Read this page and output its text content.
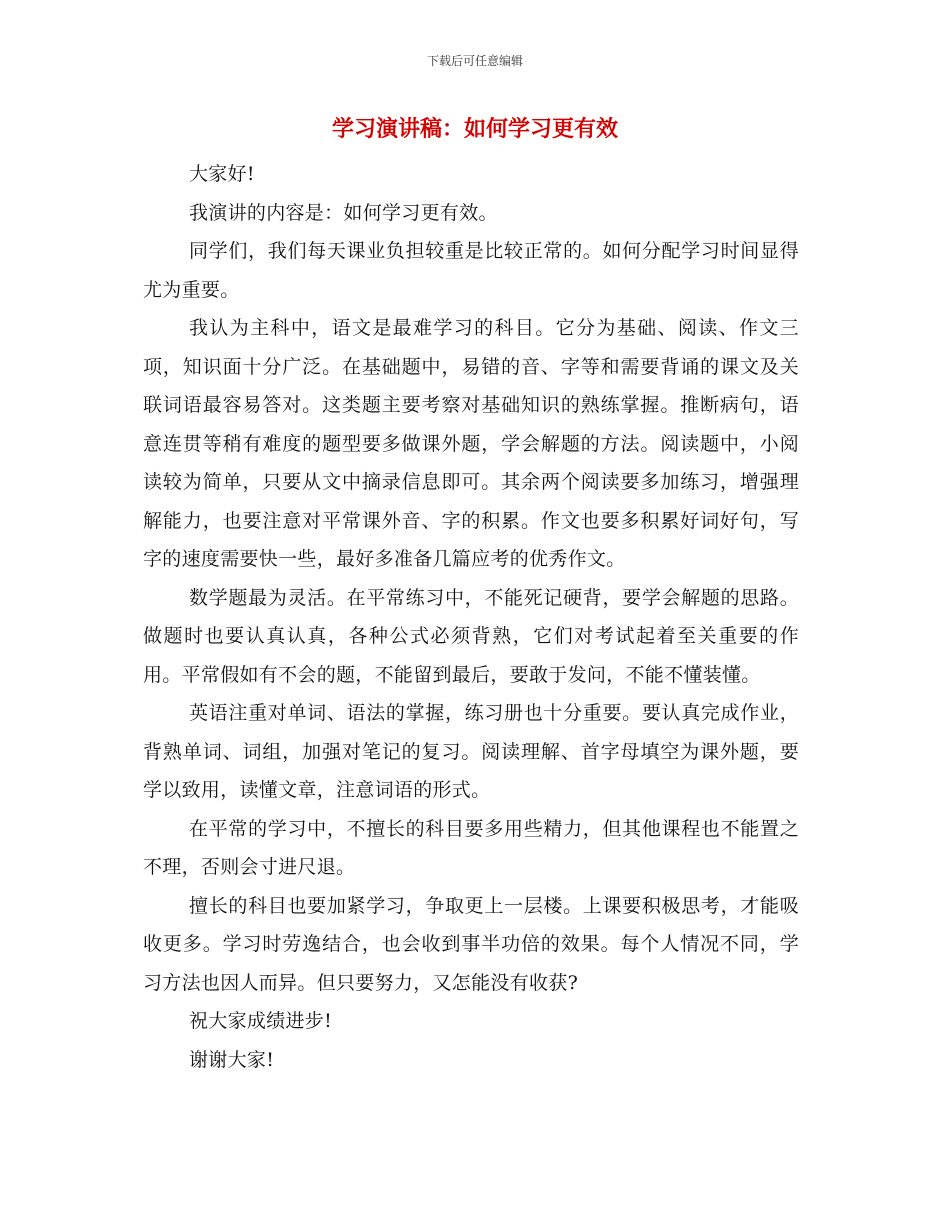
下载后可任意编辑
学习演讲稿：如何学习更有效

大家好!

我演讲的内容是：如何学习更有效。

同学们，我们每天课业负担较重是比较正常的。如何分配学习时间显得尤为重要。

我认为主科中，语文是最难学习的科目。它分为基础、阅读、作文三项，知识面十分广泛。在基础题中，易错的音、字等和需要背诵的课文及关联词语最容易答对。这类题主要考察对基础知识的熟练掌握。推断病句，语意连贯等稍有难度的题型要多做课外题，学会解题的方法。阅读题中，小阅读较为简单，只要从文中摘录信息即可。其余两个阅读要多加练习，增强理解能力，也要注意对平常课外音、字的积累。作文也要多积累好词好句，写字的速度需要快一些，最好多准备几篇应考的优秀作文。

数学题最为灵活。在平常练习中，不能死记硬背，要学会解题的思路。做题时也要认真认真，各种公式必须背熟，它们对考试起着至关重要的作用。平常假如有不会的题，不能留到最后，要敢于发问，不能不懂装懂。

英语注重对单词、语法的掌握，练习册也十分重要。要认真完成作业，背熟单词、词组，加强对笔记的复习。阅读理解、首字母填空为课外题，要学以致用，读懂文章，注意词语的形式。

在平常的学习中，不擅长的科目要多用些精力，但其他课程也不能置之不理，否则会寸进尺退。

擅长的科目也要加紧学习，争取更上一层楼。上课要积极思考，才能吸收更多。学习时劳逸结合，也会收到事半功倍的效果。每个人情况不同，学习方法也因人而异。但只要努力，又怎能没有收获?

祝大家成绩进步!

谢谢大家!
